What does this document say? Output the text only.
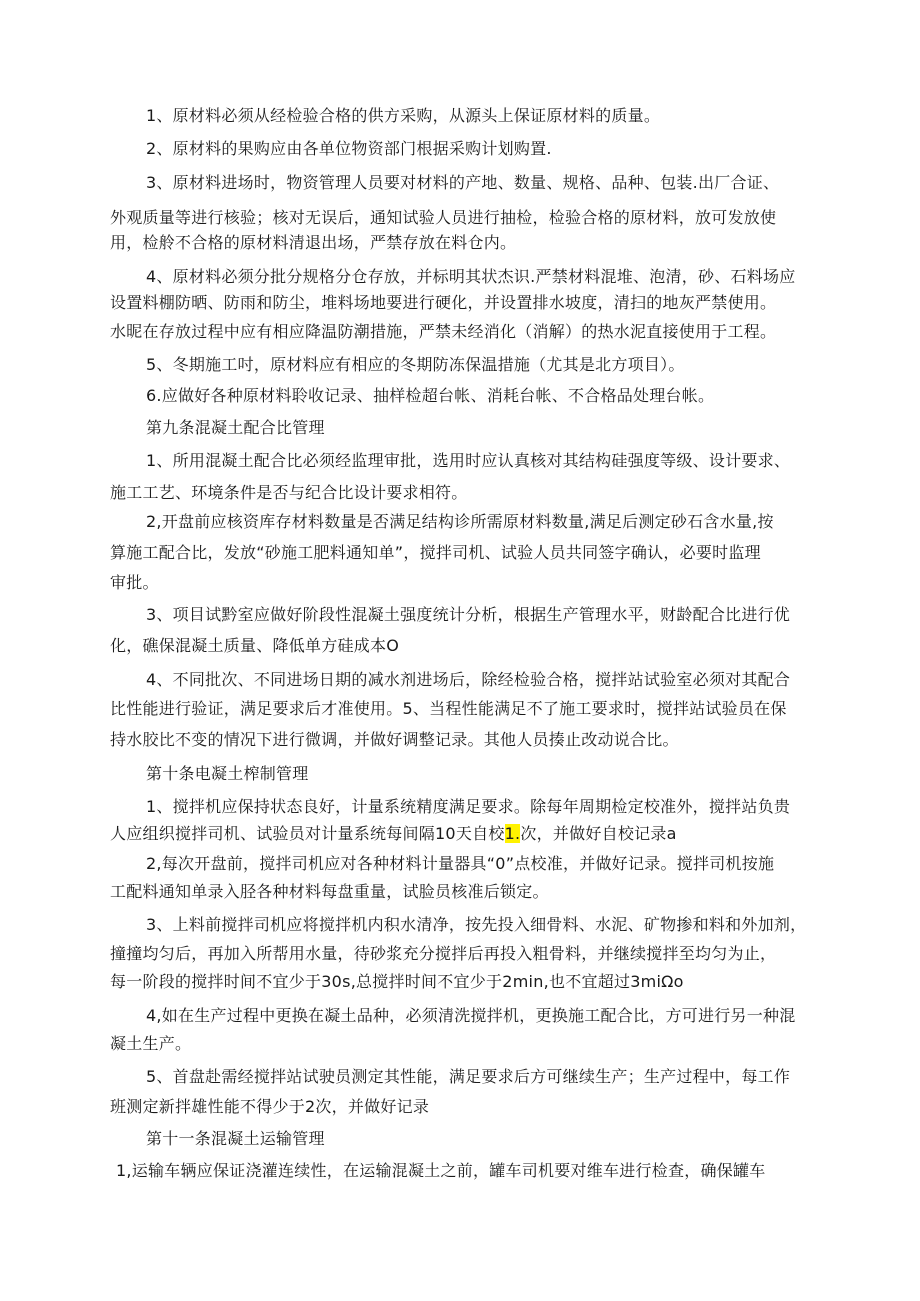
1、原材料必须从经检验合格的供方采购，从源头上保证原材料的质量。
2、原材料的果购应由各单位物资部门根据采购计划购置.
3、原材料进场时，物资管理人员要对材料的产地、数量、规格、品种、包装.出厂合证、
外观质量等进行核验；核对无误后，通知试验人员进行抽检，检验合格的原材料，放可发放使
用，检舲不合格的原材料清退出场，严禁存放在料仓内。
4、原材料必须分批分规格分仓存放，并标明其状杰识.严禁材料混堆、泡清，砂、石料场应
设置料棚防晒、防雨和防尘，堆料场地要进行硬化，并设置排水坡度，清扫的地灰严禁使用。
水昵在存放过程中应有相应降温防潮措施，严禁未经消化（消解）的热水泥直接使用于工程。
5、冬期施工吋，原材料应有相应的冬期防冻保温措施（尤其是北方项目）。
6.应做好各种原材料聆收记录、抽样检超台帐、消耗台帐、不合格品处理台帐。
第九条混凝土配合比管理
1、所用混凝土配合比必须经监理审批，选用时应认真核对其结构硅强度等级、设计要求、
施工工艺、环境条件是否与纪合比设计要求相符。
2,开盘前应核资库存材料数量是否满足结构诊所需原材料数量,满足后测定砂石含水量,按
算施工配合比，发放“砂施工肥料通知单”，搅拌司机、试验人员共同签字确认，必要时监理
审批。
3、项目试黔室应做好阶段性混凝土强度统计分析，根据生产管理水平，财龄配合比进行优
化，礁保混凝土质量、降低单方硅成本O
4、不同批次、不同进场日期的减水剂进场后，除经检验合格，搅拌站试验室必须对其配合
比性能进行验证，满足要求后才准使用。5、当程性能满足不了施工要求时，搅拌站试验员在保
持水胶比不变的情况下进行微调，并做好调整记录。其他人员揍止改动说合比。
第十条电凝土榨制管理
1、搅拌机应保持状态良好，计量系统精度满足要求。除每年周期检定校准外，搅拌站负贵
人应组织搅拌司机、试验员对计量系统每间隔10天自校1.次，并做好自校记录a
2,每次开盘前，搅拌司机应对各种材料计量器具“0”点校准，并做好记录。搅拌司机按施
工配料通知单录入胫各种材料每盘重量，试脸员核准后锁定。
3、上料前搅拌司机应将搅拌机内积水清净，按先投入细骨料、水泥、矿物掺和料和外加剂，
撞撞均匀后，再加入所帮用水量，待砂浆充分搅拌后再投入粗骨料，并继续搅拌至均匀为止，
每一阶段的搅拌时间不宜少于30s,总搅拌时间不宜少于2min,也不宜超过3miΩo
4,如在生产过程中更换在凝土品种，必须清洗搅拌机，更换施工配合比，方可进行另一种混
凝土生产。
5、首盘赴需经搅拌站试驶员测定其性能，满足要求后方可继续生产；生产过程中，每工作
班测定新拌雄性能不得少于2次，并做好记录
第十一条混凝土运输管理
1,运输车辆应保证浇灌连续性，在运输混凝土之前，罐车司机要对维车进行检查，确保罐车
